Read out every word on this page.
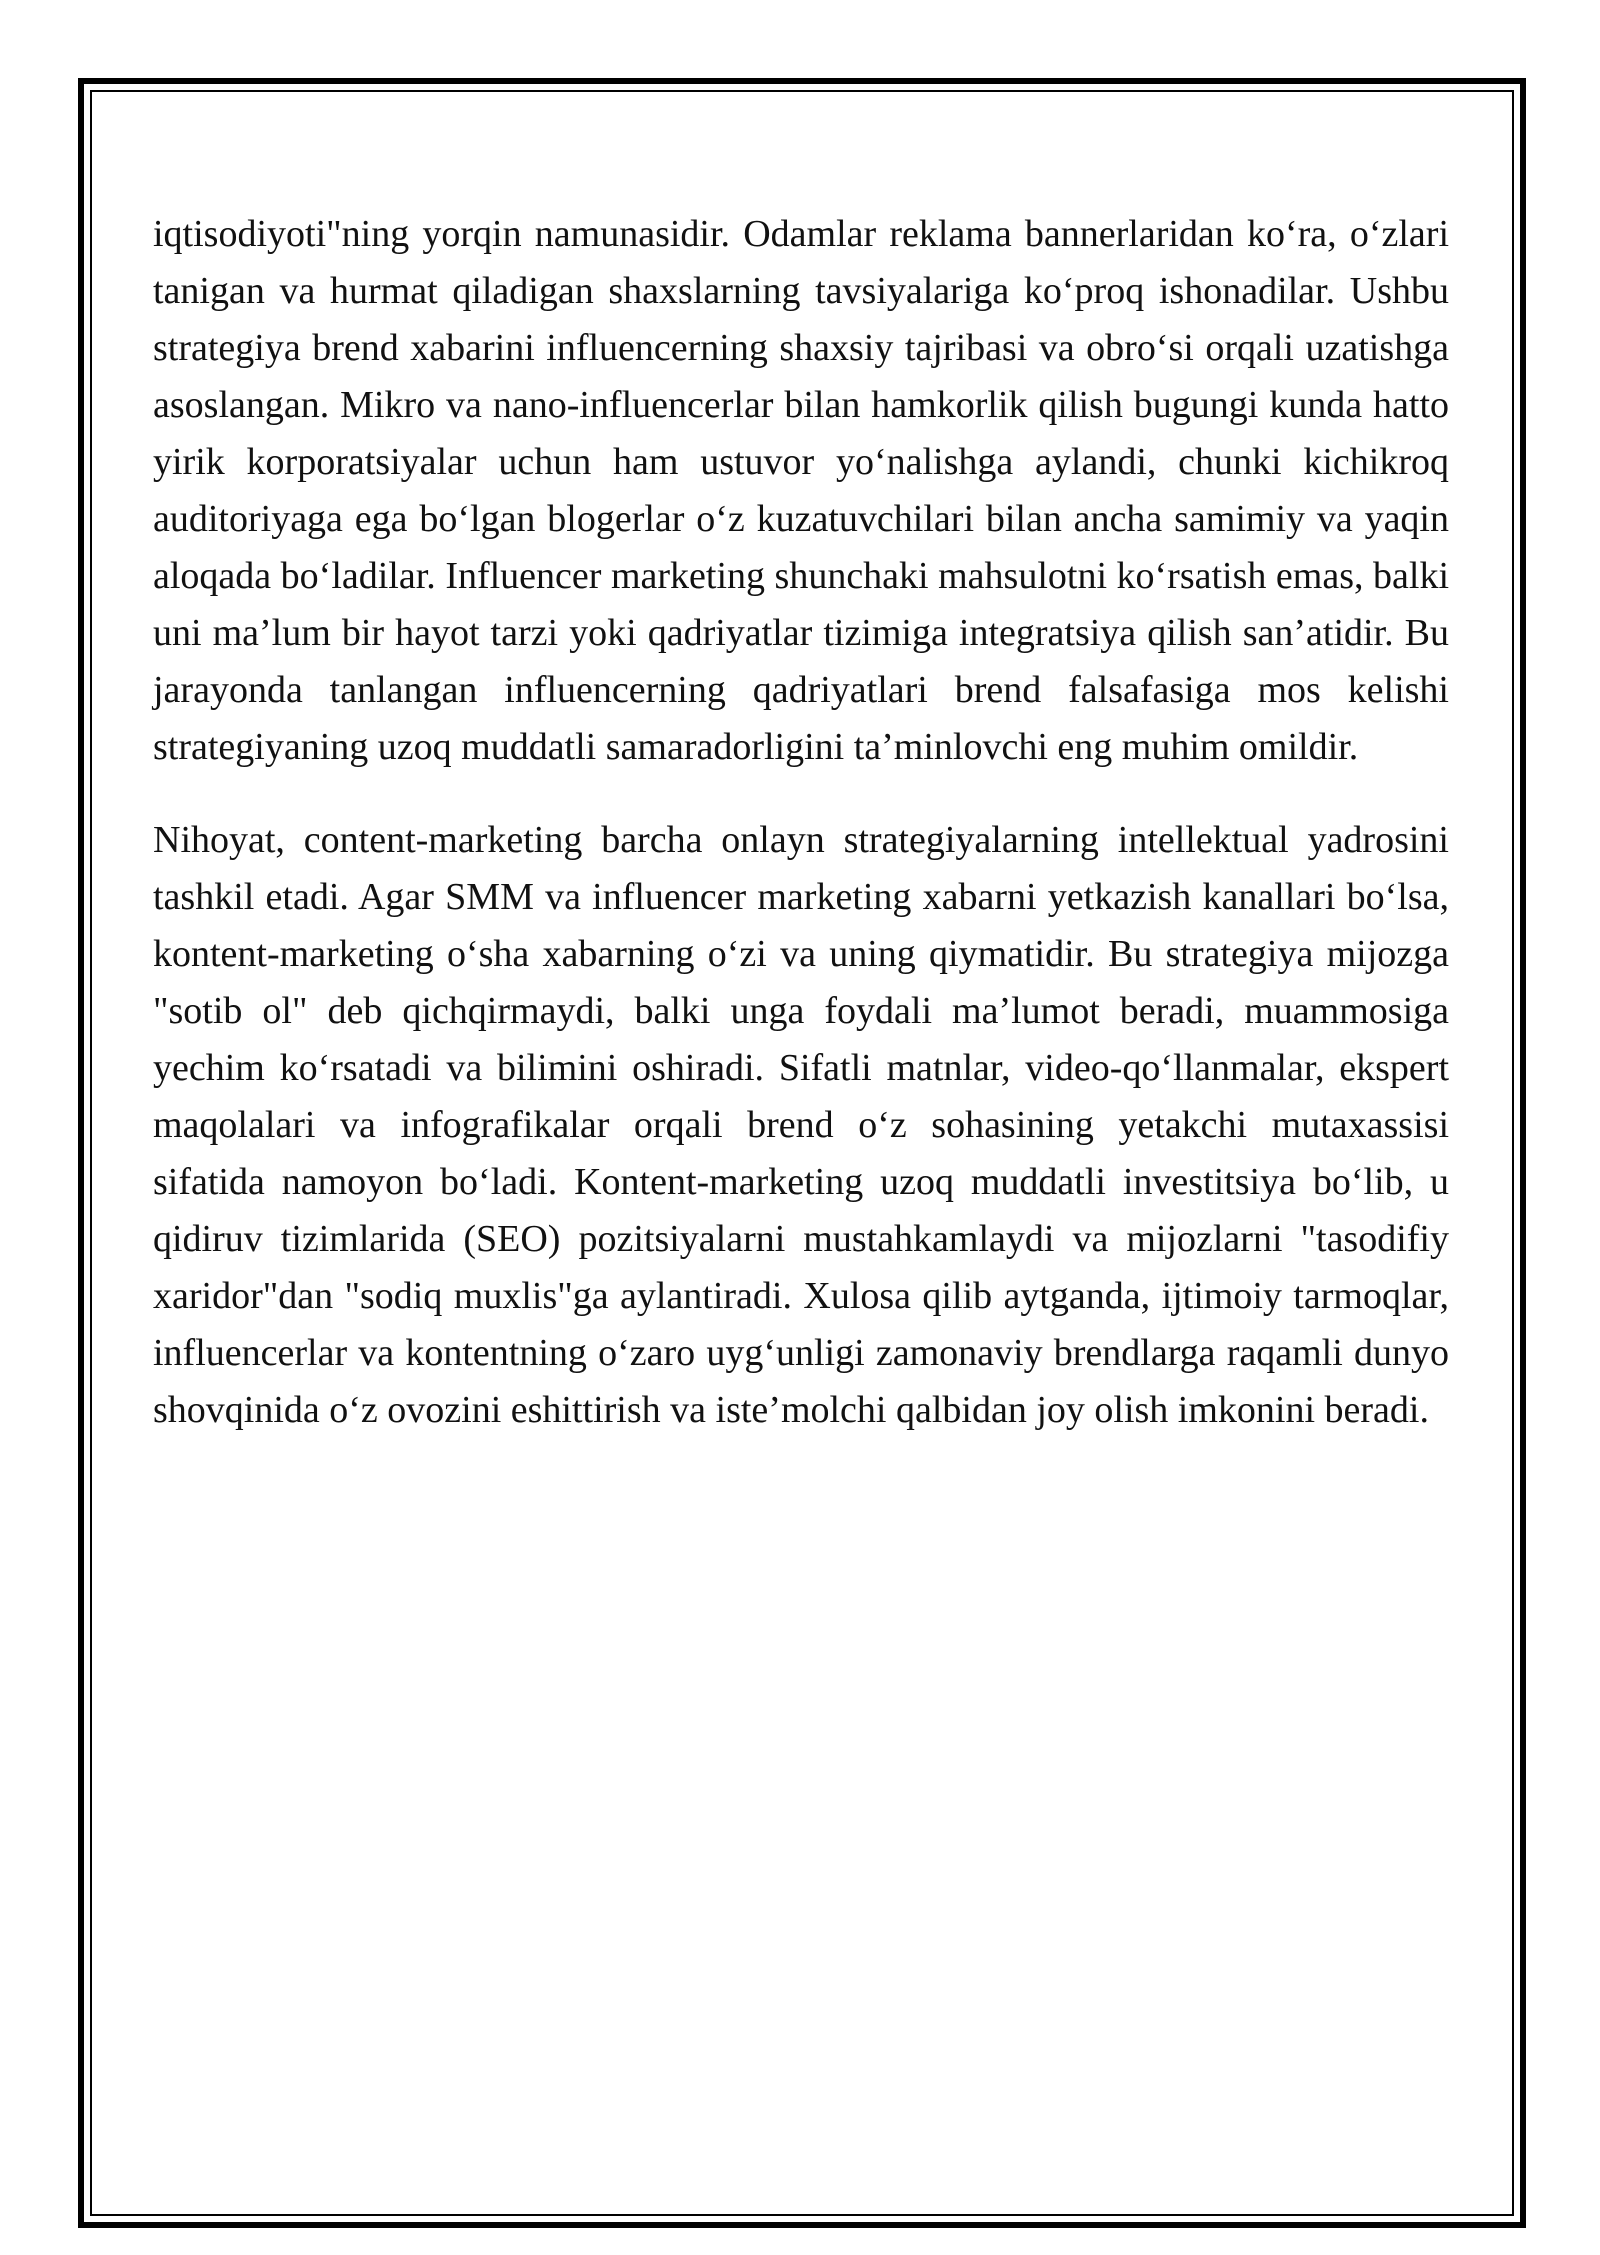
iqtisodiyoti"ning yorqin namunasidir. Odamlar reklama bannerlaridan ko‘ra, o‘zlari tanigan va hurmat qiladigan shaxslarning tavsiyalariga ko‘proq ishonadilar. Ushbu strategiya brend xabarini influencerning shaxsiy tajribasi va obro‘si orqali uzatishga asoslangan. Mikro va nano-influencerlar bilan hamkorlik qilish bugungi kunda hatto yirik korporatsiyalar uchun ham ustuvor yo‘nalishga aylandi, chunki kichikroq auditoriyaga ega bo‘lgan blogerlar o‘z kuzatuvchilari bilan ancha samimiy va yaqin aloqada bo‘ladilar. Influencer marketing shunchaki mahsulotni ko‘rsatish emas, balki uni ma’lum bir hayot tarzi yoki qadriyatlar tizimiga integratsiya qilish san’atidir. Bu jarayonda tanlangan influencerning qadriyatlari brend falsafasiga mos kelishi strategiyaning uzoq muddatli samaradorligini ta’minlovchi eng muhim omildir.

Nihoyat, content-marketing barcha onlayn strategiyalarning intellektual yadrosini tashkil etadi. Agar SMM va influencer marketing xabarni yetkazish kanallari bo‘lsa, kontent-marketing o‘sha xabarning o‘zi va uning qiymatidir. Bu strategiya mijozga "sotib ol" deb qichqirmaydi, balki unga foydali ma’lumot beradi, muammosiga yechim ko‘rsatadi va bilimini oshiradi. Sifatli matnlar, video-qo‘llanmalar, ekspert maqolalari va infografikalar orqali brend o‘z sohasining yetakchi mutaxassisi sifatida namoyon bo‘ladi. Kontent-marketing uzoq muddatli investitsiya bo‘lib, u qidiruv tizimlarida (SEO) pozitsiyalarni mustahkamlaydi va mijozlarni "tasodifiy xaridor"dan "sodiq muxlis"ga aylantiradi. Xulosa qilib aytganda, ijtimoiy tarmoqlar, influencerlar va kontentning o‘zaro uyg‘unligi zamonaviy brendlarga raqamli dunyo shovqinida o‘z ovozini eshittirish va iste’molchi qalbidan joy olish imkonini beradi.
